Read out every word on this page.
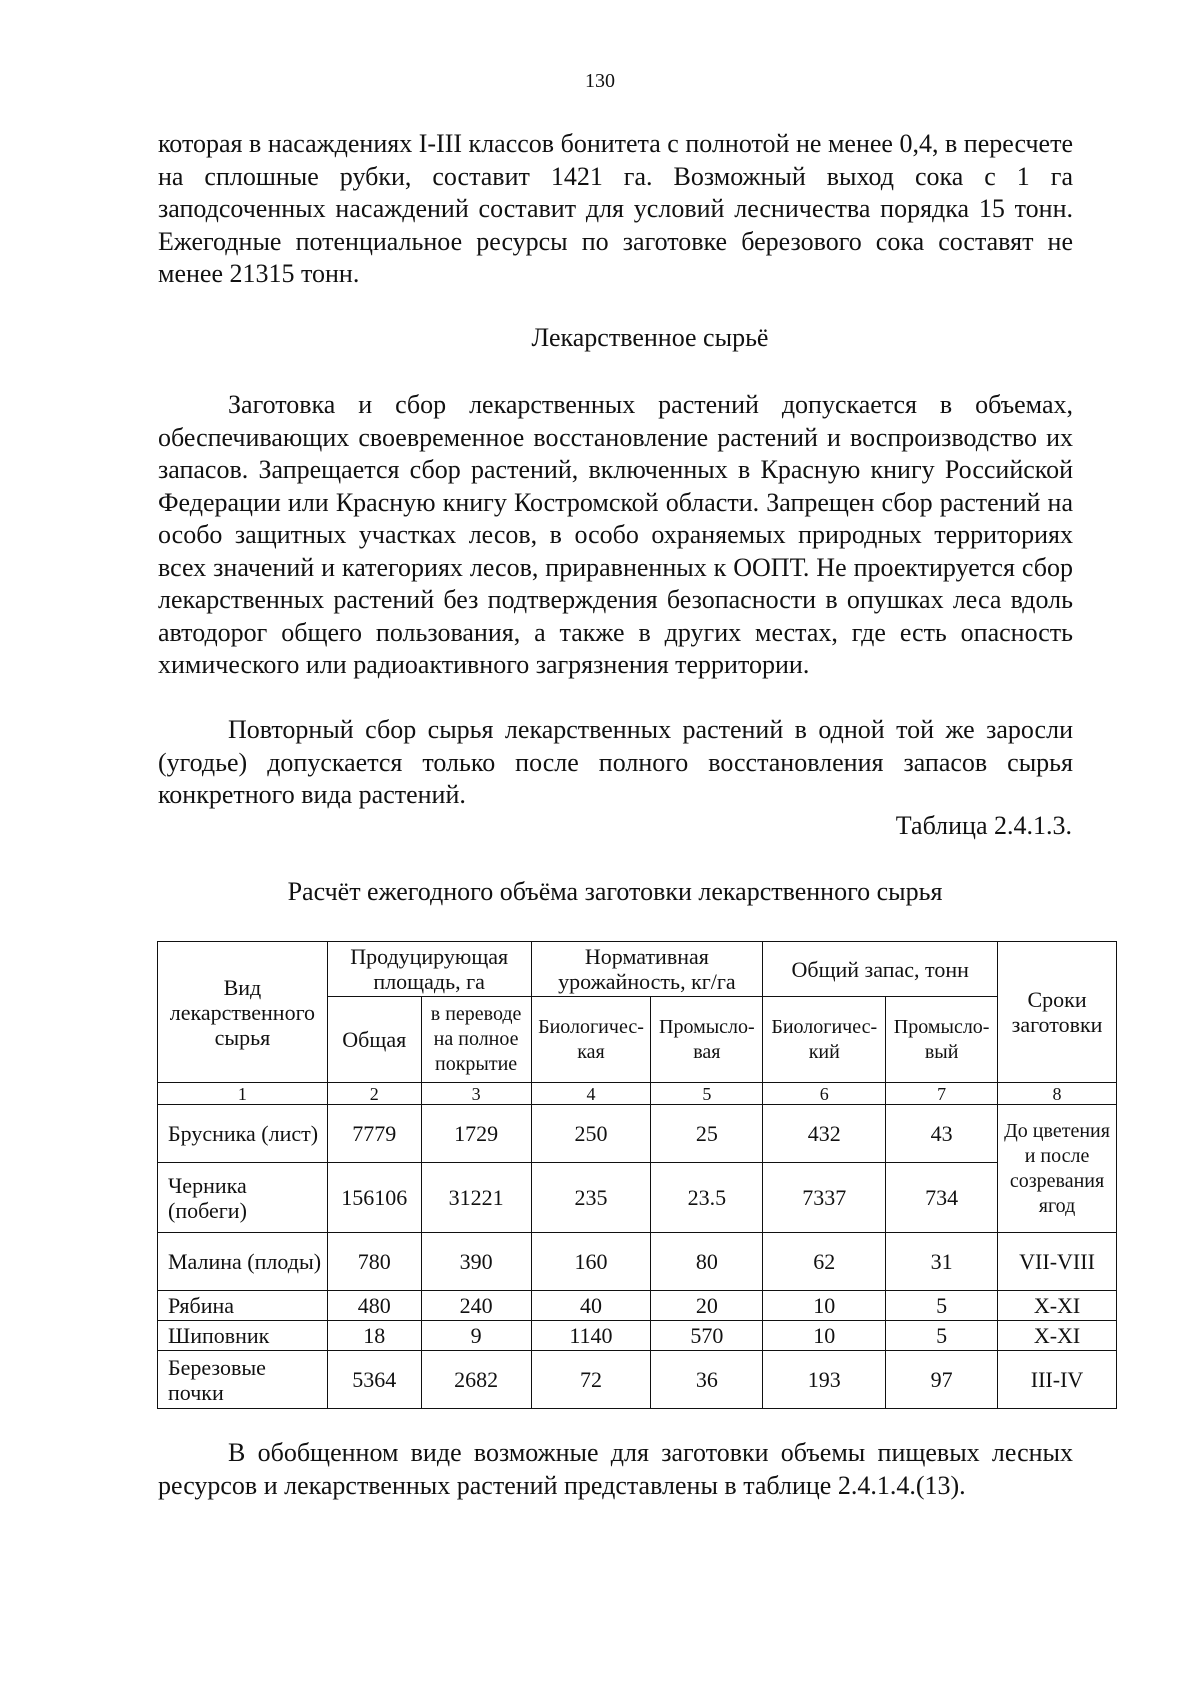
130
которая в насаждениях I-III классов бонитета с полнотой не менее 0,4, в пересчете на сплошные рубки, составит 1421 га. Возможный выход сока с 1 га заподсоченных насаждений составит для условий лесничества порядка 15 тонн. Ежегодные потенциальное ресурсы по заготовке березового сока составят не менее 21315 тонн.
Лекарственное сырьё
Заготовка и сбор лекарственных растений допускается в объемах, обеспечивающих своевременное восстановление растений и воспроизводство их запасов. Запрещается сбор растений, включенных в Красную книгу Российской Федерации или Красную книгу Костромской области. Запрещен сбор растений на особо защитных участках лесов, в особо охраняемых природных территориях всех значений и категориях лесов, приравненных к ООПТ. Не проектируется сбор лекарственных растений без подтверждения безопасности в опушках леса вдоль автодорог общего пользования, а также в других местах, где есть опасность химического или радиоактивного загрязнения территории.
Повторный сбор сырья лекарственных растений в одной той же заросли (угодье) допускается только после полного восстановления запасов сырья конкретного вида растений.
Таблица 2.4.1.3.
Расчёт ежегодного объёма заготовки лекарственного сырья
Вид лекарственного сырья	Продуцирующая площадь, га		Нормативная урожайность, кг/га		Общий запас, тонн		Сроки заготовки
	Общая	в переводе на полное покрытие	Биологичес-кая	Промысло-вая	Биологичес-кий	Промысло-вый	
1	2	3	4	5	6	7	8
Брусника (лист)	7779	1729	250	25	432	43	До цветения и после созревания ягод
Черника (побеги)	156106	31221	235	23.5	7337	734	
Малина (плоды)	780	390	160	80	62	31	VII-VIII
Рябина	480	240	40	20	10	5	X-XI
Шиповник	18	9	1140	570	10	5	X-XI
Березовые почки	5364	2682	72	36	193	97	III-IV
В обобщенном виде возможные для заготовки объемы пищевых лесных ресурсов и лекарственных растений представлены в таблице 2.4.1.4.(13).
